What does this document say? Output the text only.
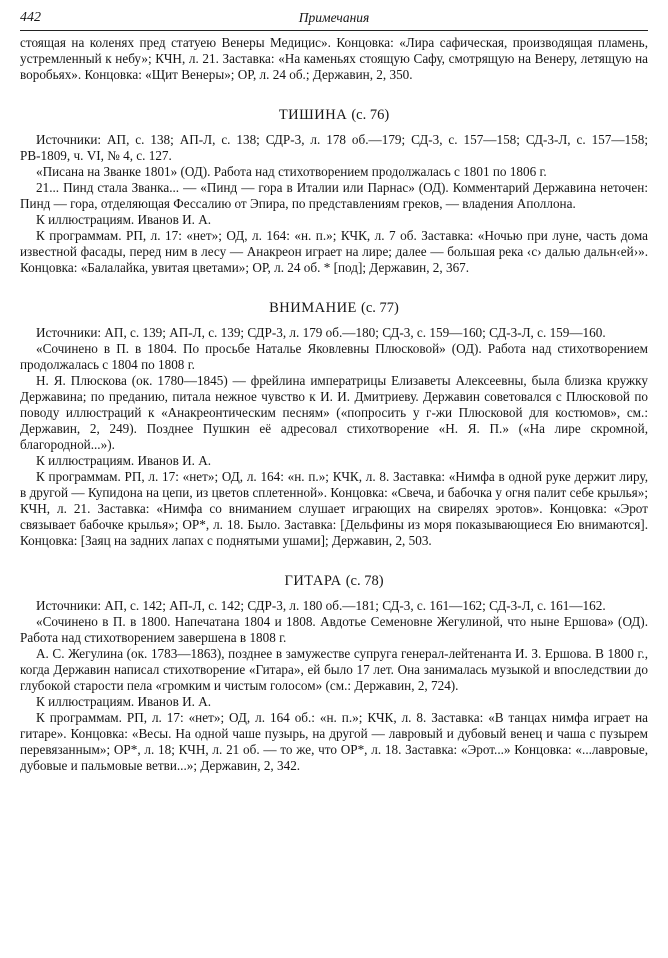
442	Примечания

стоящая на коленях пред статуею Венеры Медицис». Концовка: «Лира сафическая, производящая пламень, устремленный к небу»; КЧН, л. 21. Заставка: «На каменьях стоящую Сафу, смотрящую на Венеру, летящую на воробьях». Концовка: «Щит Венеры»; ОР, л. 24 об.; Державин, 2, 350.

ТИШИНА (с. 76)

Источники: АП, с. 138; АП-Л, с. 138; СДР-3, л. 178 об.—179; СД-3, с. 157—158; СД-3-Л, с. 157—158; РВ-1809, ч. VI, № 4, с. 127.

«Писана на Званке 1801» (ОД). Работа над стихотворением продолжалась с 1801 по 1806 г.

21... Пинд стала Званка... — «Пинд — гора в Италии или Парнас» (ОД). Комментарий Державина неточен: Пинд — гора, отделяющая Фессалию от Эпира, по представлениям греков, — владения Аполлона.

К иллюстрациям. Иванов И. А.

К программам. РП, л. 17: «нет»; ОД, л. 164: «н. п.»; КЧК, л. 7 об. Заставка: «Ночью при луне, часть дома известной фасады, перед ним в лесу — Анакреон играет на лире; далее — большая река ‹с› далью дальн‹ей›». Концовка: «Балалайка, увитая цветами»; ОР, л. 24 об. * [под]; Державин, 2, 367.

ВНИМАНИЕ (с. 77)

Источники: АП, с. 139; АП-Л, с. 139; СДР-3, л. 179 об.—180; СД-3, с. 159—160; СД-3-Л, с. 159—160.

«Сочинено в П. в 1804. По просьбе Наталье Яковлевны Плюсковой» (ОД). Работа над стихотворением продолжалась с 1804 по 1808 г.

Н. Я. Плюскова (ок. 1780—1845) — фрейлина императрицы Елизаветы Алексеевны, была близка кружку Державина; по преданию, питала нежное чувство к И. И. Дмитриеву. Державин советовался с Плюсковой по поводу иллюстраций к «Анакреонтическим песням» («попросить у г-жи Плюсковой для костюмов», см.: Державин, 2, 249). Позднее Пушкин её адресовал стихотворение «Н. Я. П.» («На лире скромной, благородной...»).

К иллюстрациям. Иванов И. А.

К программам. РП, л. 17: «нет»; ОД, л. 164: «н. п.»; КЧК, л. 8. Заставка: «Нимфа в одной руке держит лиру, в другой — Купидона на цепи, из цветов сплетенной». Концовка: «Свеча, и бабочка у огня палит себе крылья»; КЧН, л. 21. Заставка: «Нимфа со вниманием слушает играющих на свирелях эротов». Концовка: «Эрот связывает бабочке крылья»; ОР*, л. 18. Было. Заставка: [Дельфины из моря показывающиеся Ею внимаются]. Концовка: [Заяц на задних лапах с поднятыми ушами]; Державин, 2, 503.

ГИТАРА (с. 78)

Источники: АП, с. 142; АП-Л, с. 142; СДР-3, л. 180 об.—181; СД-3, с. 161—162; СД-3-Л, с. 161—162.

«Сочинено в П. в 1800. Напечатана 1804 и 1808. Авдотье Семеновне Жегулиной, что ныне Ершова» (ОД). Работа над стихотворением завершена в 1808 г.

А. С. Жегулина (ок. 1783—1863), позднее в замужестве супруга генерал-лейтенанта И. З. Ершова. В 1800 г., когда Державин написал стихотворение «Гитара», ей было 17 лет. Она занималась музыкой и впоследствии до глубокой старости пела «громким и чистым голосом» (см.: Державин, 2, 724).

К иллюстрациям. Иванов И. А.

К программам. РП, л. 17: «нет»; ОД, л. 164 об.: «н. п.»; КЧК, л. 8. Заставка: «В танцах нимфа играет на гитаре». Концовка: «Весы. На одной чаше пузырь, на другой — лавровый и дубовый венец и чаша с пузырем перевязанным»; ОР*, л. 18; КЧН, л. 21 об. — то же, что ОР*, л. 18. Заставка: «Эрот...» Концовка: «...лавровые, дубовые и пальмовые ветви...»; Державин, 2, 342.
